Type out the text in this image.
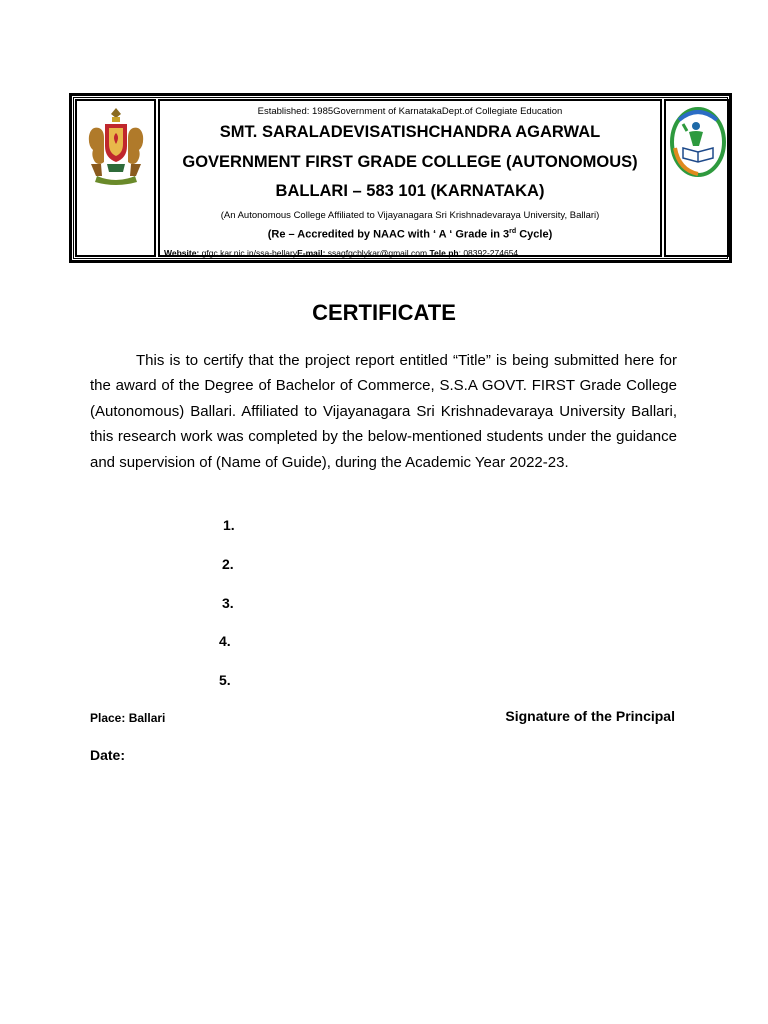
Established: 1985Government of KarnatakaDept.of Collegiate Education
SMT. SARALADEVISATISHCHANDRA AGARWAL
GOVERNMENT FIRST GRADE COLLEGE (AUTONOMOUS)
BALLARI – 583 101 (KARNATAKA)
(An Autonomous College Affiliated to Vijayanagara Sri Krishnadevaraya University, Ballari)
(Re – Accredited by NAAC with ‘ A ‘ Grade in 3rd Cycle)
Website: gfgc.kar.nic.in/ssa-bellaryE-mail: ssagfgcblykar@gmail.com Tele ph: 08392-274654
CERTIFICATE
This is to certify that the project report entitled “Title” is being submitted here for the award of the Degree of Bachelor of Commerce, S.S.A GOVT. FIRST Grade College (Autonomous) Ballari. Affiliated to Vijayanagara Sri Krishnadevaraya University Ballari, this research work was completed by the below-mentioned students under the guidance and supervision of (Name of Guide), during the Academic Year 2022-23.
1.
2.
3.
4.
5.
Place: Ballari	Signature of the Principal
Date:
